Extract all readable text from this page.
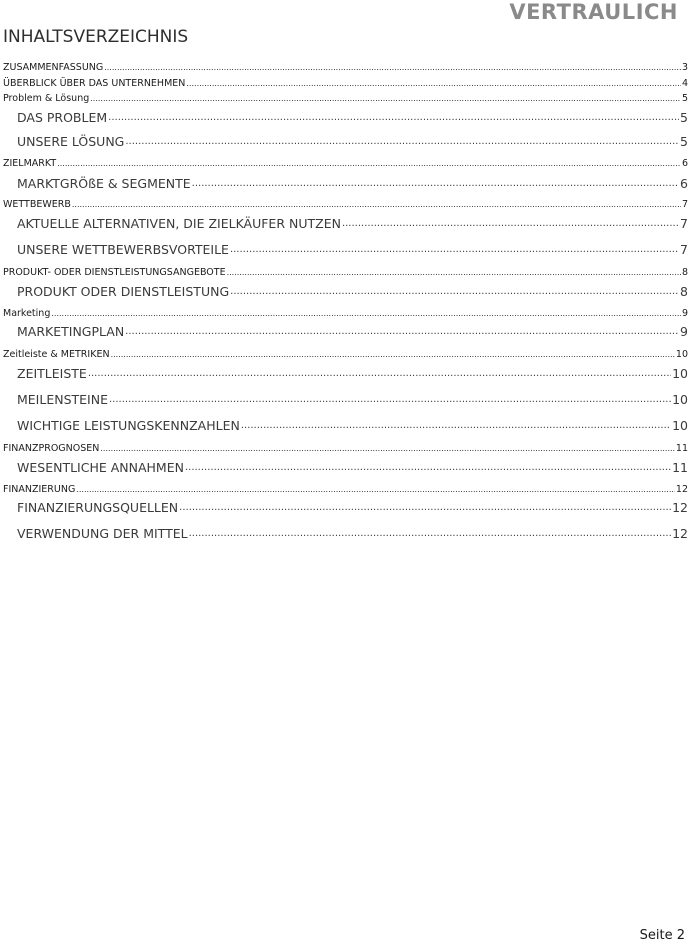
VERTRAULICH
INHALTSVERZEICHNIS
ZUSAMMENFASSUNG .....	3
ÜBERBLICK ÜBER DAS UNTERNEHMEN .....	4
Problem & Lösung .....	5
DAS PROBLEM .....	5
UNSERE LÖSUNG .....	5
ZIELMARKT .....	6
MARKTGRÖßE & SEGMENTE .....	6
WETTBEWERB .....	7
AKTUELLE ALTERNATIVEN, DIE ZIELKÄUFER NUTZEN .....	7
UNSERE WETTBEWERBSVORTEILE .....	7
PRODUKT- ODER DIENSTLEISTUNGSANGEBOTE .....	8
PRODUKT ODER DIENSTLEISTUNG .....	8
Marketing .....	9
MARKETINGPLAN .....	9
Zeitleiste & METRIKEN .....	10
ZEITLEISTE .....	10
MEILENSTEINE .....	10
WICHTIGE LEISTUNGSKENNZAHLEN .....	10
FINANZPROGNOSEN .....	11
WESENTLICHE ANNAHMEN .....	11
FINANZIERUNG .....	12
FINANZIERUNGSQUELLEN .....	12
VERWENDUNG DER MITTEL .....	12
Seite 2
